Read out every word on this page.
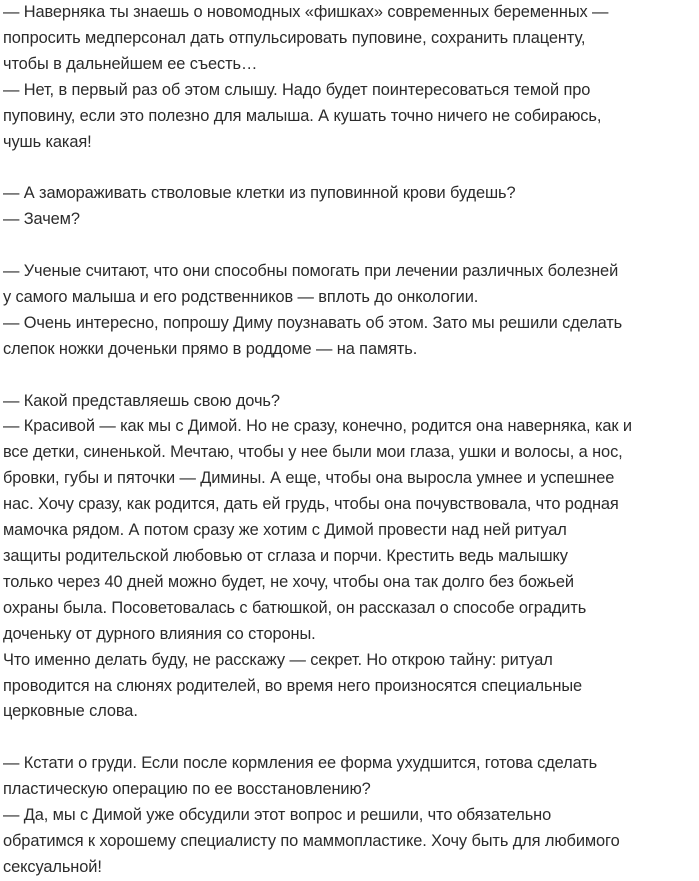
— Наверняка ты знаешь о новомодных «фишках» современных беременных —
попросить медперсонал дать отпульсировать пуповине, сохранить плаценту,
чтобы в дальнейшем ее съесть…
— Нет, в первый раз об этом слышу. Надо будет поинтересоваться темой про
пуповину, если это полезно для малыша. А кушать точно ничего не собираюсь,
чушь какая!

— А замораживать стволовые клетки из пуповинной крови будешь?
— Зачем?

— Ученые считают, что они способны помогать при лечении различных болезней
у самого малыша и его родственников — вплоть до онкологии.
— Очень интересно, попрошу Диму поузнавать об этом. Зато мы решили сделать
слепок ножки доченьки прямо в роддоме — на память.

— Какой представляешь свою дочь?
— Красивой — как мы с Димой. Но не сразу, конечно, родится она наверняка, как и
все детки, синенькой. Мечтаю, чтобы у нее были мои глаза, ушки и волосы, а нос,
бровки, губы и пяточки — Димины. А еще, чтобы она выросла умнее и успешнее
нас. Хочу сразу, как родится, дать ей грудь, чтобы она почувствовала, что родная
мамочка рядом. А потом сразу же хотим с Димой провести над ней ритуал
защиты родительской любовью от сглаза и порчи. Крестить ведь малышку
только через 40 дней можно будет, не хочу, чтобы она так долго без божьей
охраны была. Посоветовалась с батюшкой, он рассказал о способе оградить
доченьку от дурного влияния со стороны.
Что именно делать буду, не расскажу — секрет. Но открою тайну: ритуал
проводится на слюнях родителей, во время него произносятся специальные
церковные слова.

— Кстати о груди. Если после кормления ее форма ухудшится, готова сделать
пластическую операцию по ее восстановлению?
— Да, мы с Димой уже обсудили этот вопрос и решили, что обязательно
обратимся к хорошему специалисту по маммопластике. Хочу быть для любимого
сексуальной!
